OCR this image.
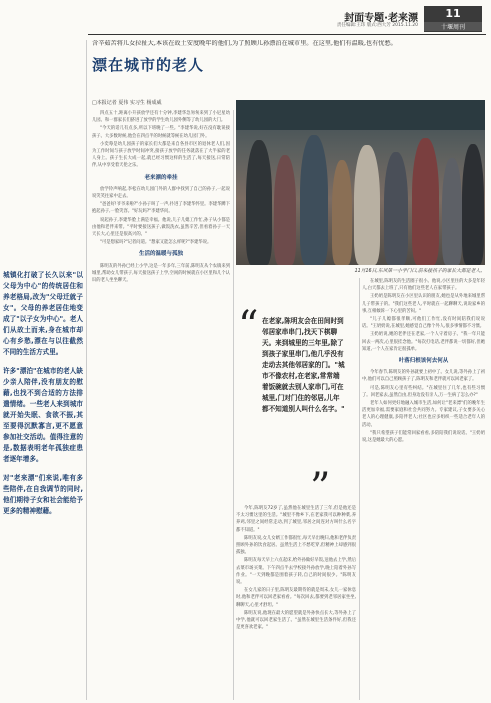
封面专题·老来漂
责任编辑:王玮 版式:西大芳 2015.11.20
11
十堰周刊
含辛茹苦将儿女拉扯大,本该在故土安度晚年的他们,为了照顾儿孙漂泊在城市里。在这里,他们有温暖,也有忧愁。
漂在城市的老人
□本报记者 夏伟 实习生 杨成威
11月16日,东风第一小学门口,前来接孩子的家长大都是老人。

城镇化打破了长久以来"以父母为中心"的传统居住和养老格局,改为"父母迁就子女"。父母的养老居住地变成了"以子女为中心"。老人们从故土而来,身在城市却心有乡愁,漂在与以往截然不同的生活方式里。

许多"漂泊"在城市的老人缺少亲人陪伴,没有朋友的慰藉,也找不到合适的方法排遣情绪。一些老人来到城市就开始失眠、食欲不振,其至要得沉默寡言,更不愿意参加社交活动。值得注意的是,数据表明老年孤独症患者逐年增多。

对"老来漂"们来说,唯有多些陪伴,在自我调节的同时,他们期待子女和社会能给予更多的精神慰藉。

四点五十,距离小升孩放学还有十分钟,李建华急匆匆来到了小尼星幼儿园。和一群家长们挤进了放学的学生幼儿园外侧等了幼儿园的大门。

"今天的话儿有点多,所以下班晚了一些。"李建华说,好在没有耽误接孩子。大多数时候,他会在四点半的时候就等候在幼儿园门外。

小奕莓是幼儿园孩子的家长们大都是来自各县市区的退休老人们,因为工作时间与孩子放学时间冲突,接孩子放学的任务就落在了大半家的老人身上。孩子生长大成一起,就已经习惯这样的生活了,每天接送,日常陪伴,从中享受着天伦之乐。

老来漂的牵挂

放学铃声响起,李松在幼儿园门外的人群中找到了自己的孙子,一起说说笑笑往家中走去。

"爸爸好!爷爷来啦?"小孙子叫了一声,扑进了李建华怀里。李建华蹲下抱起孙子,一脸笑容。"好玩吗?"李建华问。

说起孙子,李建华脸上满是幸福。他说,儿子儿媳工作忙,孙子从小都是由他和老伴来带。"平时要接送孩子,做饭洗衣,虽然辛苦,但看着孙子一天天长大,心里还是很高兴的。"

"可是想家吗?"记者问道。"想家又能怎么样呢?"李建华说。

生活的温暖与孤独

陈明友的外孙已经上小学,这是一年多年,三年前,陈明友从个农镇来到城里,帮助女儿带孩子,每天接送孩子上学,空闲的时候就在小区里和几个认识的老人坐坐聊天。

“ 在老家,陈明友会在田间时到邻居家串串门,找天下棋聊天。来到城里的三年里,除了到孩子家里串门,他几乎没有走动去其他邻居家的门。"城市不像农村,在老家,常常端着饭碗就去别人家串门,可在城里,门对门住的邻居,儿年都不知道别人叫什么名字。"
”

今年,陈明友72岁了,虽然他在城里生活了三年,但是他还是不太习惯这里的生活。"城里不像乡下,在老家我可以种种菜,养养鸡,邻里之间经常走动,到了城里,邻居之间连对方叫什么名字都不知道。"

陈明友说,女儿女婿工作都很忙,每天早出晚归,他和老伴负责照顾外孙的饮食起居。虽然生活上不愁吃穿,但精神上却感到很孤独。

陈明友每天早上六点起床,给外孙做好早饭,送他去上学,然后去菜市场买菜。下午四点半去学校接外孙放学,晚上陪着外孙写作业。"一天到晚都是围着孩子转,自己的时间很少。"陈明友说。

在女儿家的日子里,陈明友最期待的就是周末,女儿一家休息时,他和老伴可以回老家看看。"每次回去,都要到老邻居家坐坐,聊聊天,心里才舒坦。"

陈明友说,他现在最大的愿望就是外孙快点长大,等外孙上了中学,他就可以回老家生活了。"虽然在城里生活条件好,但我还是更喜欢老家。"

在城里,陈明友的生活圈子很小。他说,小区里住的大多是年轻人,白天都去上班了,只有他们这些老人在家带孩子。

王奶奶是陈明友在小区里认识的朋友,她也是从外地来城里帮儿子带孩子的。"我们这些老人,平时就在一起聊聊天,说说家乡的事,互相倾诉一下心里的苦闷。"

"儿子儿媳都很孝顺,可他们工作忙,没有时间陪我们说说话。"王奶奶说,在城里,她感觉自己像个外人,很多事情都不习惯。

王奶奶说,她的老伴还在老家,一个人守着房子。"我一年只能回去一两次,心里很挂念他。"每次打电话,老伴都说一切都好,但她知道,一个人在家肯定很孤单。

叶落归根该何去何从

今年春节,陈明友的外孙就要上初中了。女儿说,等外孙上了初中,他们可以自己照顾孩子了,陈明友和老伴就可以回老家了。

可是,陈明友心里有些纠结。"在城里住了几年,也有些习惯了。回老家去,虽然自由,但身边没有亲人,万一生病了怎么办?"

老年人如何更好地融入城市生活,如何让"老来漂"们的晚年生活更加幸福,需要家庭和社会共同努力。专家建议,子女要多关心老人的心理健康,多陪伴老人;社区也应多组织一些适合老年人的活动。

"我只希望孩子们能常回家看看,多陪陪我们说说话。"王奶奶说,这是她最大的心愿。
